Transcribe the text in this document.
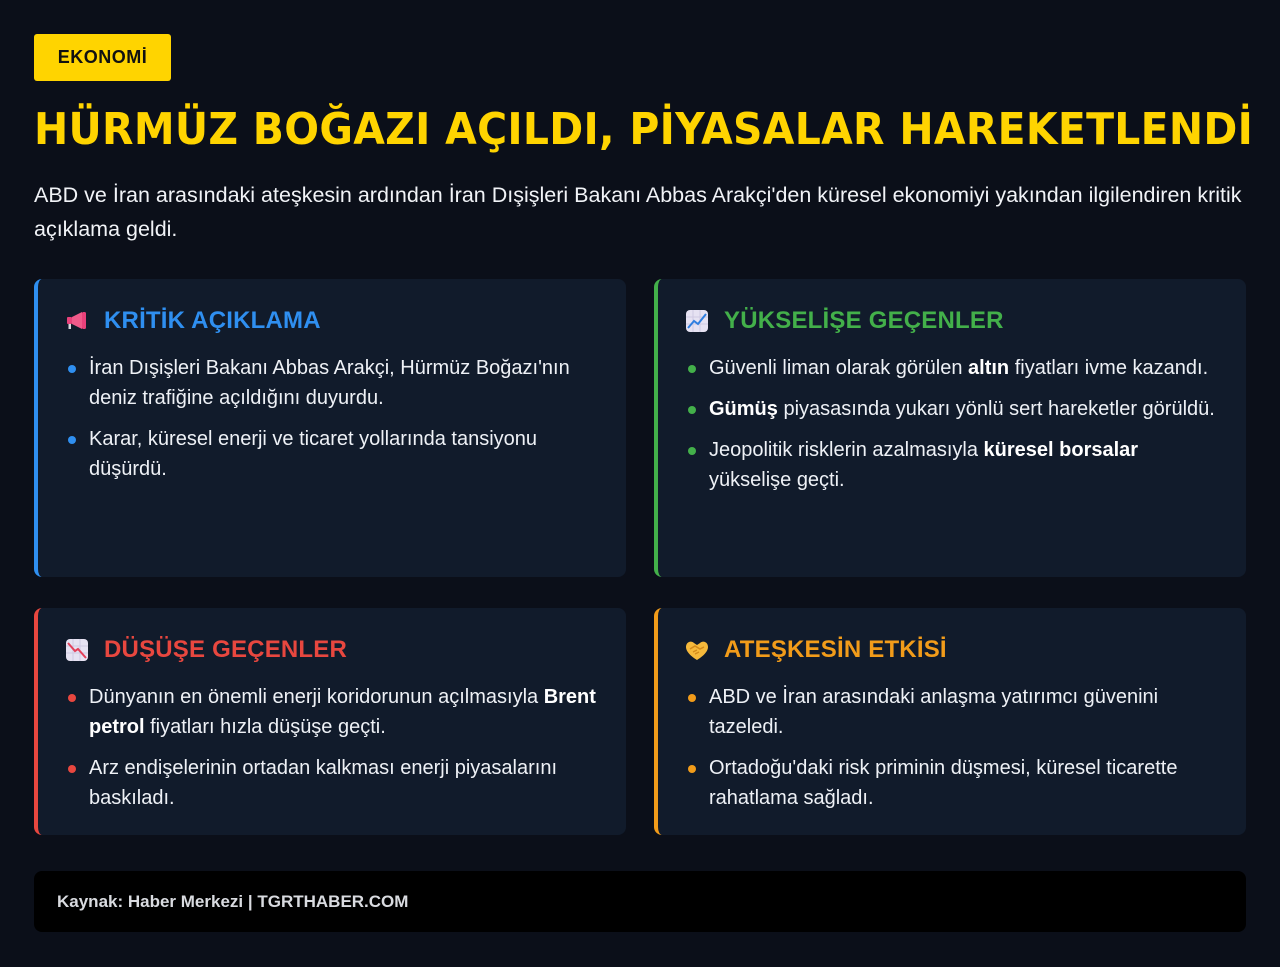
EKONOMİ
HÜRMÜZ BOĞAZI AÇILDI, PİYASALAR HAREKETLENDİ

ABD ve İran arasındaki ateşkesin ardından İran Dışişleri Bakanı Abbas Arakçi'den küresel ekonomiyi yakından ilgilendiren kritik açıklama geldi.

KRİTİK AÇIKLAMA
İran Dışişleri Bakanı Abbas Arakçi, Hürmüz Boğazı'nın deniz trafiğine açıldığını duyurdu.
Karar, küresel enerji ve ticaret yollarında tansiyonu düşürdü.
YÜKSELİŞE GEÇENLER
Güvenli liman olarak görülen altın fiyatları ivme kazandı.
Gümüş piyasasında yukarı yönlü sert hareketler görüldü.
Jeopolitik risklerin azalmasıyla küresel borsalar yükselişe geçti.
DÜŞÜŞE GEÇENLER
Dünyanın en önemli enerji koridorunun açılmasıyla Brent petrol fiyatları hızla düşüşe geçti.
Arz endişelerinin ortadan kalkması enerji piyasalarını baskıladı.
ATEŞKESİN ETKİSİ
ABD ve İran arasındaki anlaşma yatırımcı güvenini tazeledi.
Ortadoğu'daki risk priminin düşmesi, küresel ticarette rahatlama sağladı.
Kaynak: Haber Merkezi | TGRTHABER.COM
